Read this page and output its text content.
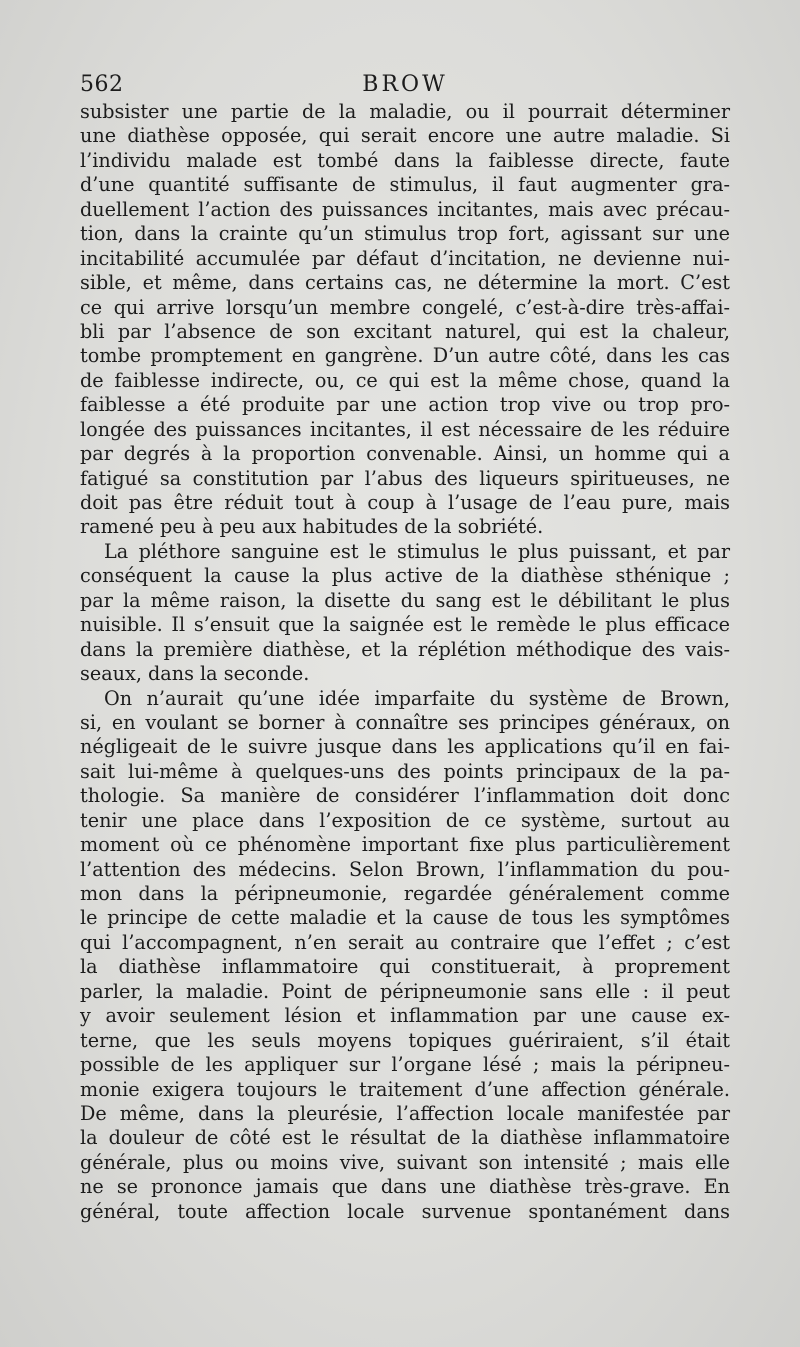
562	BROW
subsister une partie de la maladie, ou il pourrait déterminer
une diathèse opposée, qui serait encore une autre maladie. Si
l’individu malade est tombé dans la faiblesse directe, faute
d’une quantité suffisante de stimulus, il faut augmenter gra-
duellement l’action des puissances incitantes, mais avec précau-
tion, dans la crainte qu’un stimulus trop fort, agissant sur une
incitabilité accumulée par défaut d’incitation, ne devienne nui-
sible, et même, dans certains cas, ne détermine la mort. C’est
ce qui arrive lorsqu’un membre congelé, c’est-à-dire très-affai-
bli par l’absence de son excitant naturel, qui est la chaleur,
tombe promptement en gangrène. D’un autre côté, dans les cas
de faiblesse indirecte, ou, ce qui est la même chose, quand la
faiblesse a été produite par une action trop vive ou trop pro-
longée des puissances incitantes, il est nécessaire de les réduire
par degrés à la proportion convenable. Ainsi, un homme qui a
fatigué sa constitution par l’abus des liqueurs spiritueuses, ne
doit pas être réduit tout à coup à l’usage de l’eau pure, mais
ramené peu à peu aux habitudes de la sobriété.
La pléthore sanguine est le stimulus le plus puissant, et par
conséquent la cause la plus active de la diathèse sthénique ;
par la même raison, la disette du sang est le débilitant le plus
nuisible. Il s’ensuit que la saignée est le remède le plus efficace
dans la première diathèse, et la réplétion méthodique des vais-
seaux, dans la seconde.
On n’aurait qu’une idée imparfaite du système de Brown,
si, en voulant se borner à connaître ses principes généraux, on
négligeait de le suivre jusque dans les applications qu’il en fai-
sait lui-même à quelques-uns des points principaux de la pa-
thologie. Sa manière de considérer l’inflammation doit donc
tenir une place dans l’exposition de ce système, surtout au
moment où ce phénomène important fixe plus particulièrement
l’attention des médecins. Selon Brown, l’inflammation du pou-
mon dans la péripneumonie, regardée généralement comme
le principe de cette maladie et la cause de tous les symptômes
qui l’accompagnent, n’en serait au contraire que l’effet ; c’est
la diathèse inflammatoire qui constituerait, à proprement
parler, la maladie. Point de péripneumonie sans elle : il peut
y avoir seulement lésion et inflammation par une cause ex-
terne, que les seuls moyens topiques guériraient, s’il était
possible de les appliquer sur l’organe lésé ; mais la péripneu-
monie exigera toujours le traitement d’une affection générale.
De même, dans la pleurésie, l’affection locale manifestée par
la douleur de côté est le résultat de la diathèse inflammatoire
générale, plus ou moins vive, suivant son intensité ; mais elle
ne se prononce jamais que dans une diathèse très-grave. En
général, toute affection locale survenue spontanément dans
